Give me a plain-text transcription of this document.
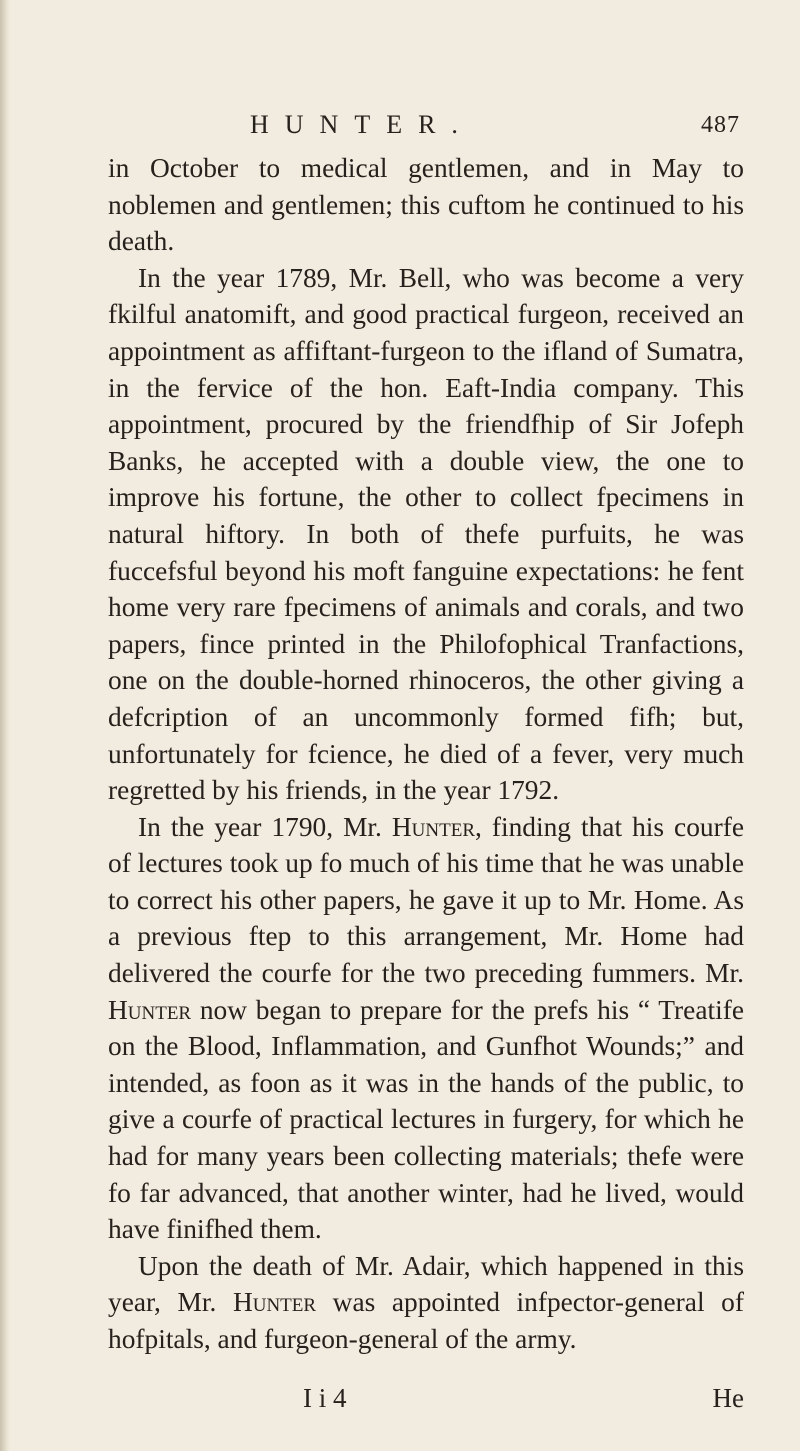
HUNTER.	487

in October to medical gentlemen, and in May to noblemen and gentlemen; this cuftom he continued to his death.

In the year 1789, Mr. Bell, who was become a very fkilful anatomift, and good practical furgeon, received an appointment as affiftant-furgeon to the ifland of Sumatra, in the fervice of the hon. Eaft-India company. This appointment, procured by the friendfhip of Sir Jofeph Banks, he accepted with a double view, the one to improve his fortune, the other to collect fpecimens in natural hiftory. In both of thefe purfuits, he was fuccefsful beyond his moft fanguine expectations: he fent home very rare fpecimens of animals and corals, and two papers, fince printed in the Philofophical Tranfactions, one on the double-horned rhinoceros, the other giving a defcription of an uncommonly formed fifh; but, unfortunately for fcience, he died of a fever, very much regretted by his friends, in the year 1792.

In the year 1790, Mr. Hunter, finding that his courfe of lectures took up fo much of his time that he was unable to correct his other papers, he gave it up to Mr. Home. As a previous ftep to this arrangement, Mr. Home had delivered the courfe for the two preceding fummers. Mr. Hunter now began to prepare for the prefs his “ Treatife on the Blood, Inflammation, and Gunfhot Wounds;” and intended, as foon as it was in the hands of the public, to give a courfe of practical lectures in furgery, for which he had for many years been collecting materials; thefe were fo far advanced, that another winter, had he lived, would have finifhed them.

Upon the death of Mr. Adair, which happened in this year, Mr. Hunter was appointed infpector-general of hofpitals, and furgeon-general of the army.

I i 4	He
